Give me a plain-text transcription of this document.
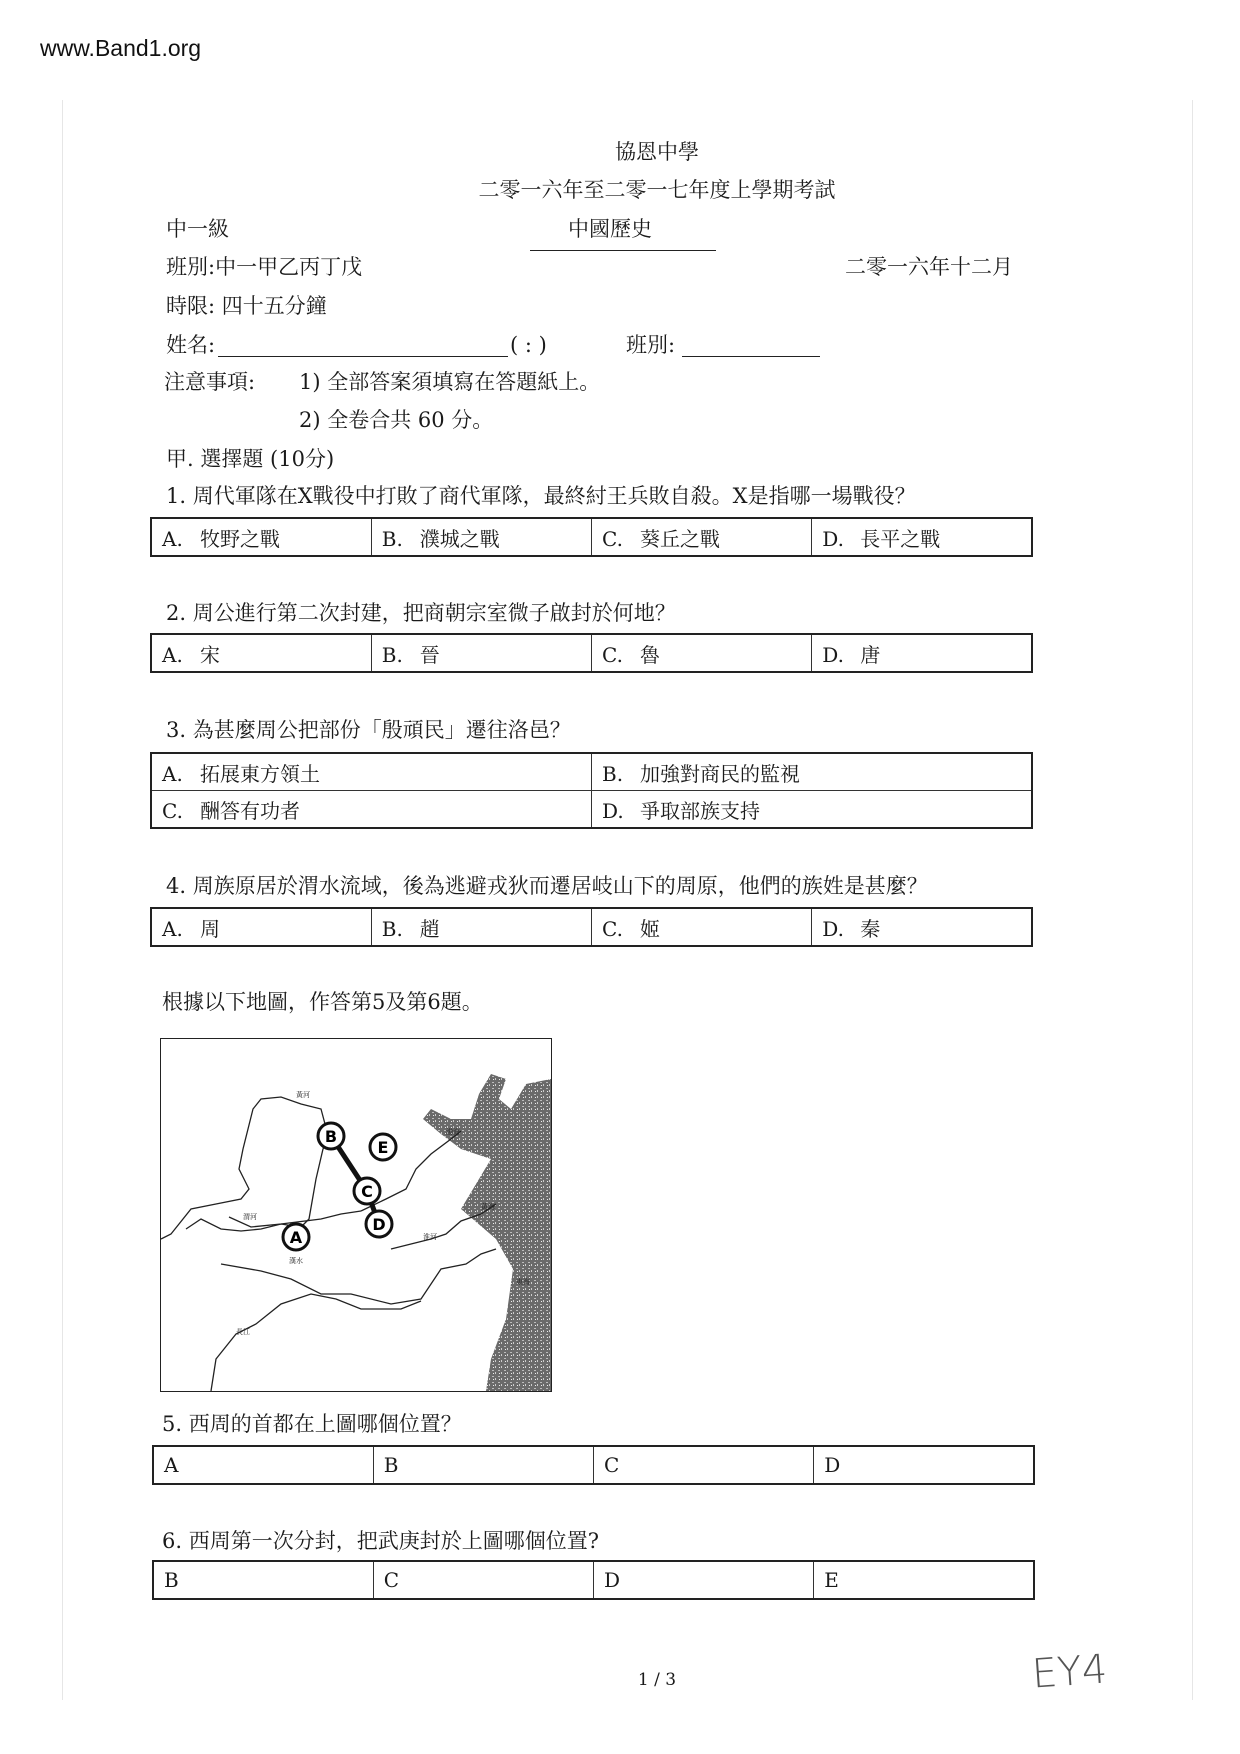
www.Band1.org
協恩中學
二零一六年至二零一七年度上學期考試
中一級	中國歷史
班別:中一甲乙丙丁戊	二零一六年十二月
時限: 四十五分鐘
姓名:	( : )	班別:
注意事項: 1) 全部答案須填寫在答題紙上。
2) 全卷合共 60 分。
甲. 選擇題 (10分)
1. 周代軍隊在X戰役中打敗了商代軍隊，最終紂王兵敗自殺。X是指哪一場戰役？
A. 牧野之戰	B. 濮城之戰	C. 葵丘之戰	D. 長平之戰
2. 周公進行第二次封建，把商朝宗室微子啟封於何地？
A. 宋	B. 晉	C. 魯	D. 唐
3. 為甚麼周公把部份「殷頑民」遷往洛邑？
A. 拓展東方領土	B. 加強對商民的監視
C. 酬答有功者	D. 爭取部族支持
4. 周族原居於渭水流域，後為逃避戎狄而遷居岐山下的周原，他們的族姓是甚麼？
A. 周	B. 趙	C. 姬	D. 秦
根據以下地圖，作答第5及第6題。
A
B
C
D
E
黃河
渭河
漢水
淮河
長江
渤海
黃海
東海
5. 西周的首都在上圖哪個位置？
A	B	C	D
6. 西周第一次分封，把武庚封於上圖哪個位置?
B	C	D	E
1 / 3	EY4
